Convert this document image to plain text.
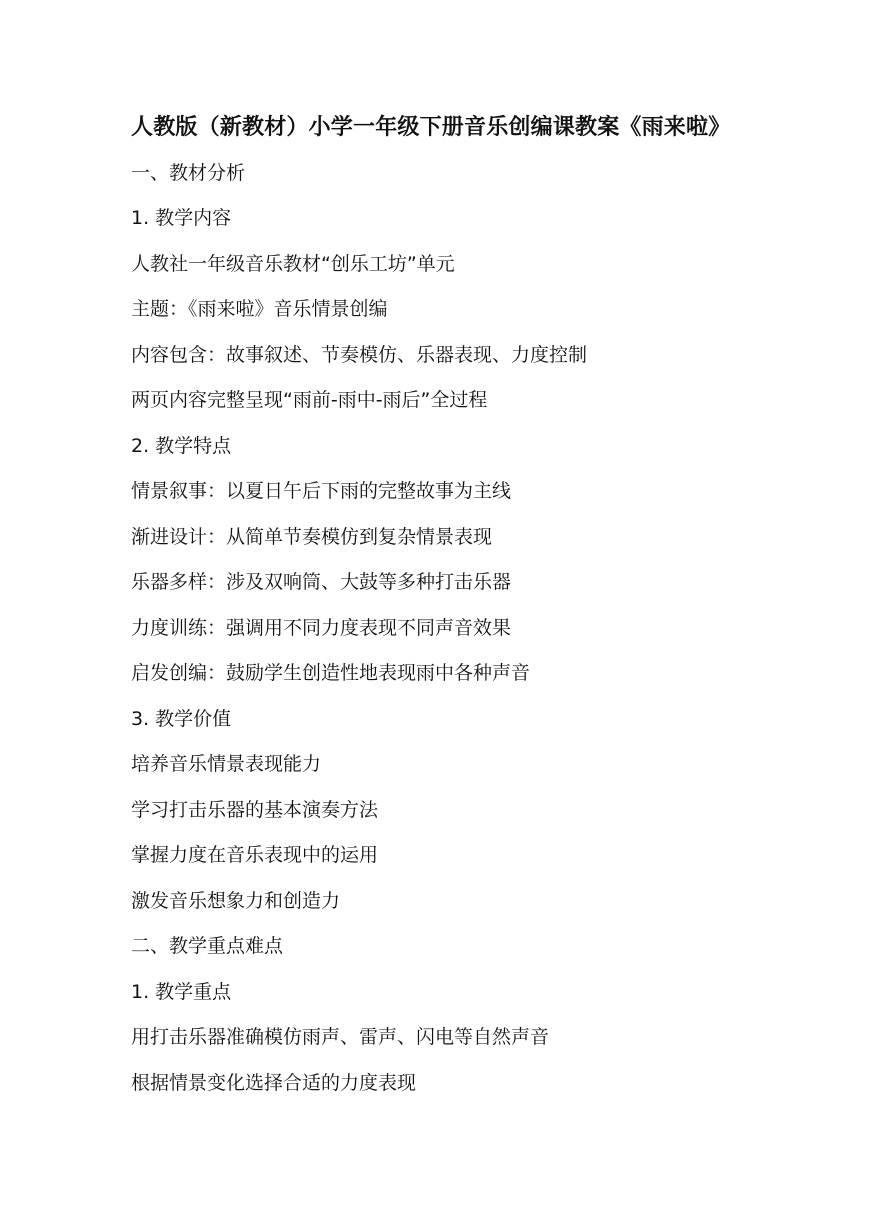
人教版（新教材）小学一年级下册音乐创编课教案《雨来啦》
一、教材分析
1. 教学内容
人教社一年级音乐教材“创乐工坊”单元
主题：《雨来啦》音乐情景创编
内容包含：故事叙述、节奏模仿、乐器表现、力度控制
两页内容完整呈现“雨前-雨中-雨后”全过程
2. 教学特点
情景叙事：以夏日午后下雨的完整故事为主线
渐进设计：从简单节奏模仿到复杂情景表现
乐器多样：涉及双响筒、大鼓等多种打击乐器
力度训练：强调用不同力度表现不同声音效果
启发创编：鼓励学生创造性地表现雨中各种声音
3. 教学价值
培养音乐情景表现能力
学习打击乐器的基本演奏方法
掌握力度在音乐表现中的运用
激发音乐想象力和创造力
二、教学重点难点
1. 教学重点
用打击乐器准确模仿雨声、雷声、闪电等自然声音
根据情景变化选择合适的力度表现
